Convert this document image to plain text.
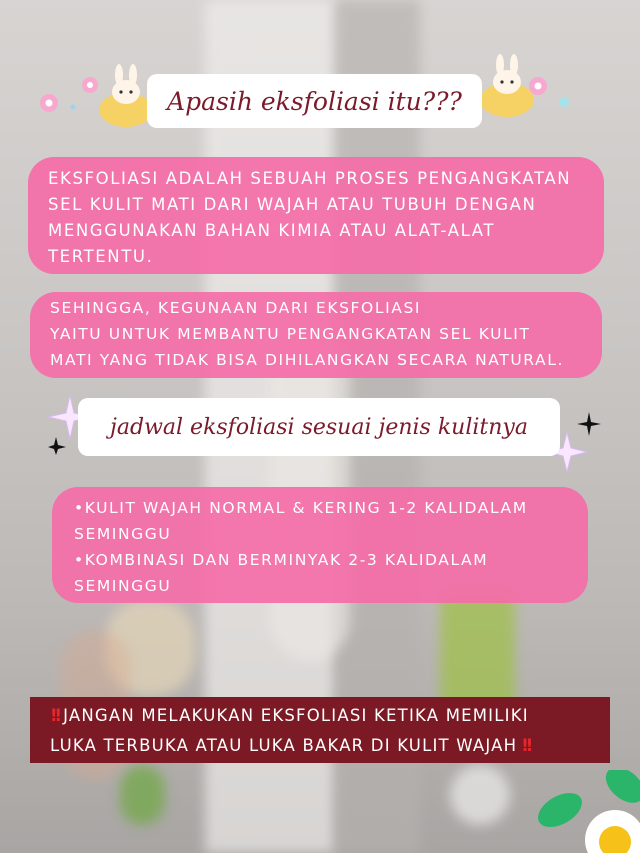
Apasih eksfoliasi itu???
EKSFOLIASI ADALAH SEBUAH PROSES PENGANGKATAN
SEL KULIT MATI DARI WAJAH ATAU TUBUH DENGAN
MENGGUNAKAN BAHAN KIMIA ATAU ALAT-ALAT
TERTENTU.
SEHINGGA, KEGUNAAN DARI EKSFOLIASI
YAITU UNTUK MEMBANTU PENGANGKATAN SEL KULIT
MATI YANG TIDAK BISA DIHILANGKAN SECARA NATURAL.
jadwal eksfoliasi sesuai jenis kulitnya
•KULIT WAJAH NORMAL & KERING 1-2 KALIDALAM
SEMINGGU
•KOMBINASI DAN BERMINYAK 2-3 KALIDALAM
SEMINGGU
!! JANGAN MELAKUKAN EKSFOLIASI KETIKA MEMILIKI
LUKA TERBUKA ATAU LUKA BAKAR DI KULIT WAJAH !!
